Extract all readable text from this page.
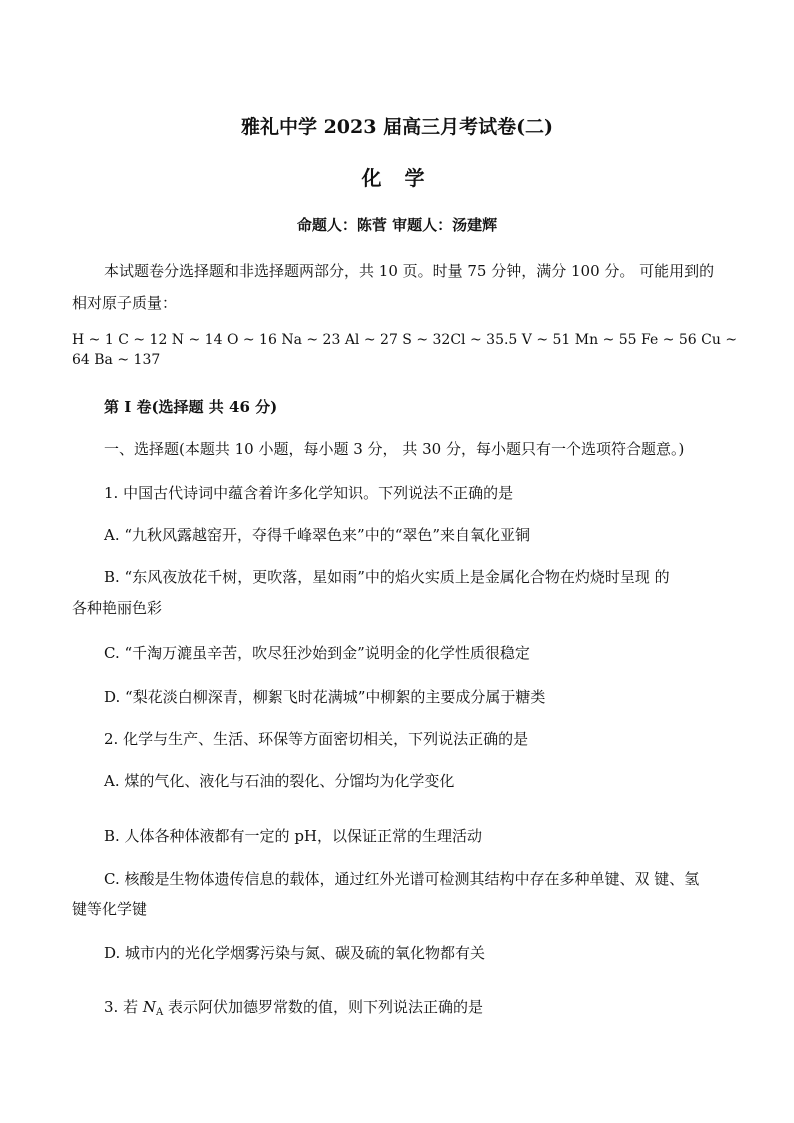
雅礼中学 2023 届高三月考试卷(二)
化 学
命题人：陈菅 审题人：汤建辉
本试题卷分选择题和非选择题两部分，共 10 页。时量 75 分钟，满分 100 分。 可能用到的
相对原子质量：
H ~ 1 C ~ 12 N ~ 14 O ~ 16 Na ~ 23 Al ~ 27 S ~ 32Cl ~ 35.5 V ~ 51 Mn ~ 55 Fe ~ 56 Cu ~
64 Ba ~ 137
第 I 卷(选择题 共 46 分)
一、选择题(本题共 10 小题，每小题 3 分， 共 30 分，每小题只有一个选项符合题意。)
1. 中国古代诗词中蕴含着许多化学知识。下列说法不正确的是
A. “九秋风露越窑开，夺得千峰翠色来”中的“翠色”来自氧化亚铜
B. “东风夜放花千树，更吹落，星如雨”中的焰火实质上是金属化合物在灼烧时呈现 的
各种艳丽色彩
C. “千淘万漉虽辛苦，吹尽狂沙始到金”说明金的化学性质很稳定
D. “梨花淡白柳深青，柳絮飞时花满城”中柳絮的主要成分属于糖类
2. 化学与生产、生活、环保等方面密切相关，下列说法正确的是
A. 煤的气化、液化与石油的裂化、分馏均为化学变化
B. 人体各种体液都有一定的 pH，以保证正常的生理活动
C. 核酸是生物体遗传信息的载体，通过红外光谱可检测其结构中存在多种单键、双 键、氢
键等化学键
D. 城市内的光化学烟雾污染与氮、碳及硫的氧化物都有关
3. 若 $N_A$ 表示阿伏加德罗常数的值，则下列说法正确的是
